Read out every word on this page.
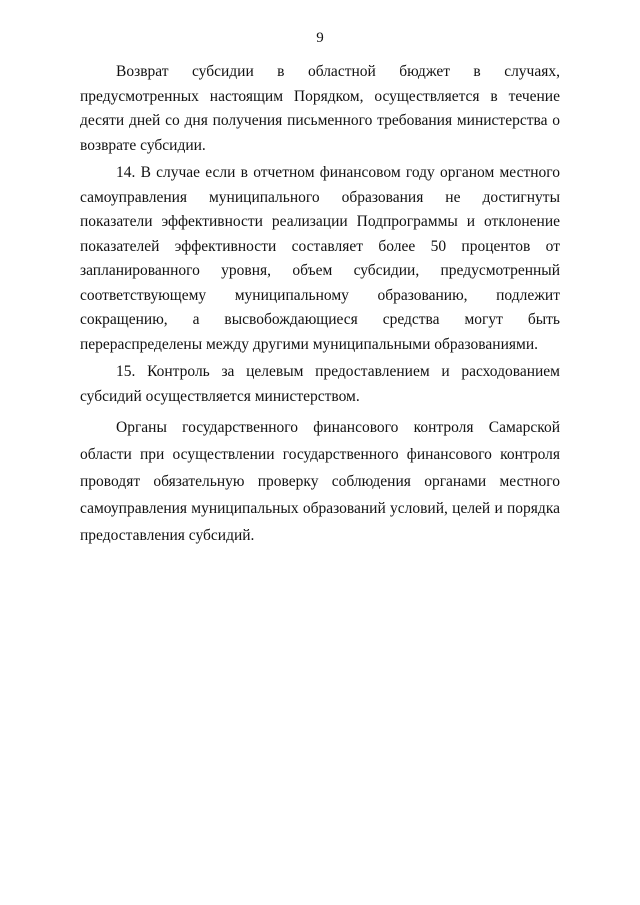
9

Возврат субсидии в областной бюджет в случаях, предусмотренных настоящим Порядком, осуществляется в течение десяти дней со дня получения письменного требования министерства о возврате субсидии.

14. В случае если в отчетном финансовом году органом местного самоуправления муниципального образования не достигнуты показатели эффективности реализации Подпрограммы и отклонение показателей эффективности составляет более 50 процентов от запланированного уровня, объем субсидии, предусмотренный соответствующему муниципальному образованию, подлежит сокращению, а высвобождающиеся средства могут быть перераспределены между другими муниципальными образованиями.

15. Контроль за целевым предоставлением и расходованием субсидий осуществляется министерством.

Органы государственного финансового контроля Самарской области при осуществлении государственного финансового контроля проводят обязательную проверку соблюдения органами местного самоуправления муниципальных образований условий, целей и порядка предоставления субсидий.
